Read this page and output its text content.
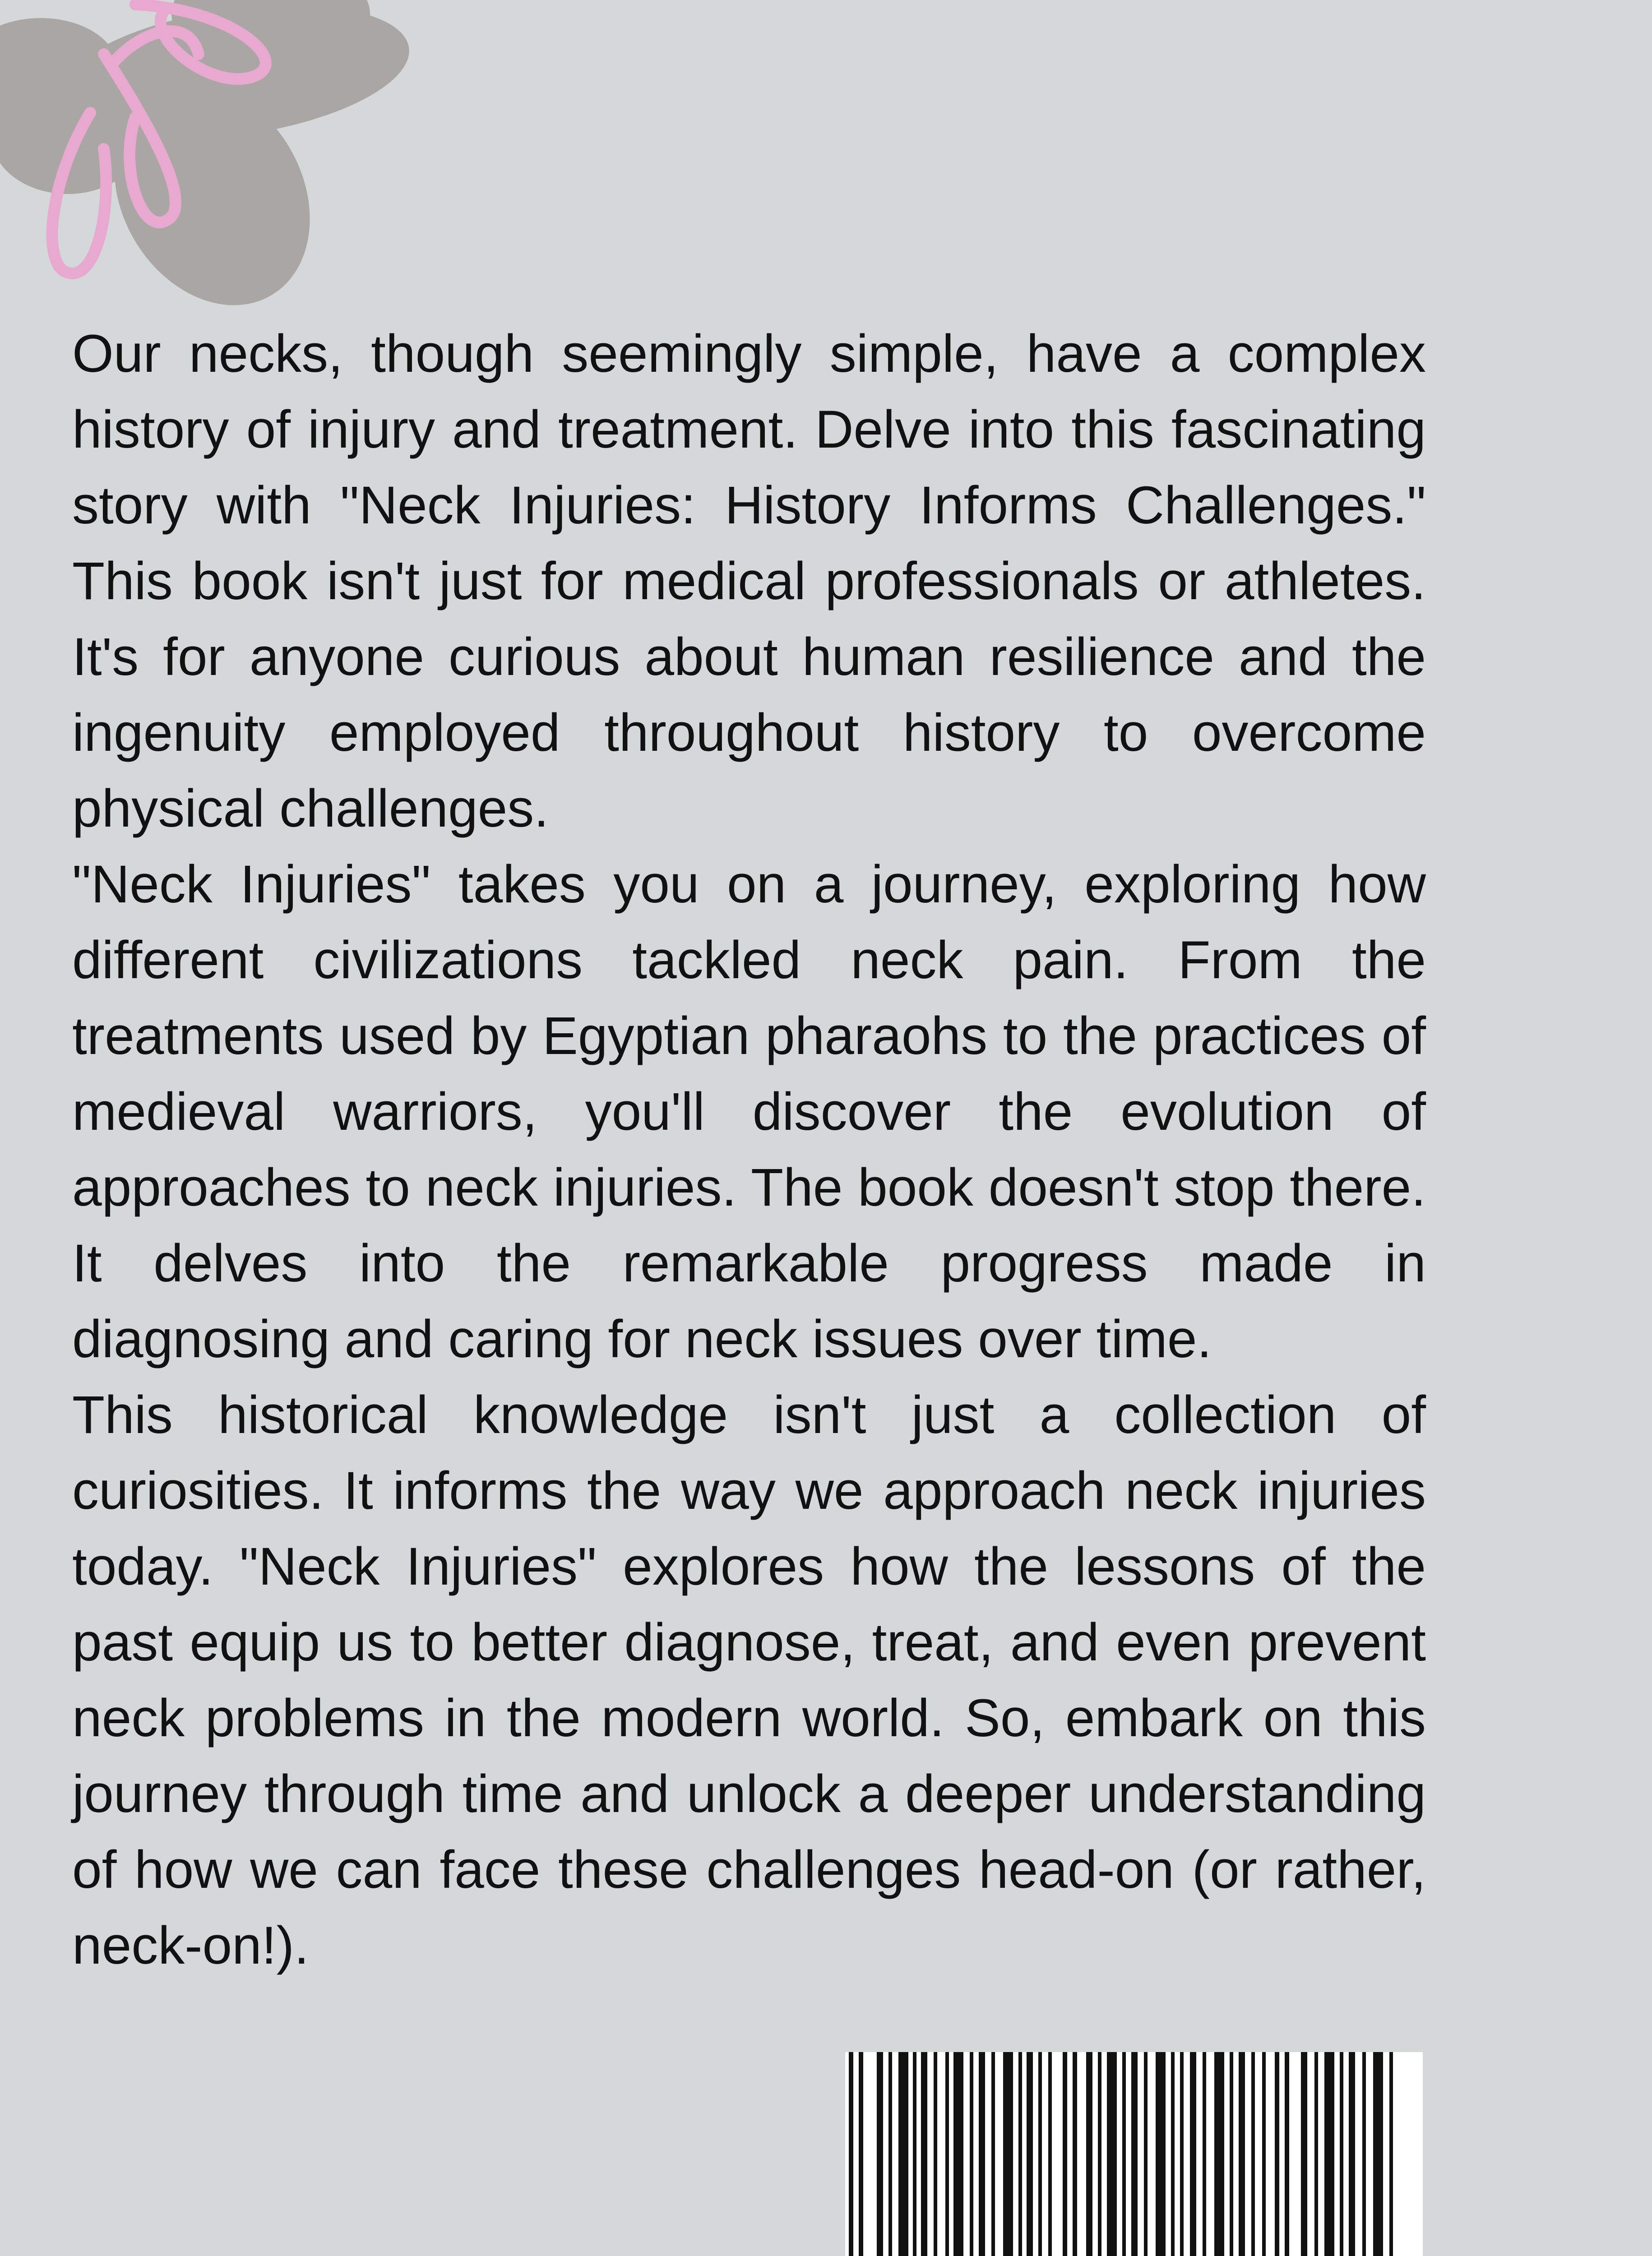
Our necks, though seemingly simple, have a complex history of injury and treatment. Delve into this fascinating story with "Neck Injuries: History Informs Challenges." This book isn't just for medical professionals or athletes. It's for anyone curious about human resilience and the ingenuity employed throughout history to overcome physical challenges.

"Neck Injuries" takes you on a journey, exploring how different civilizations tackled neck pain. From the treatments used by Egyptian pharaohs to the practices of medieval warriors, you'll discover the evolution of approaches to neck injuries. The book doesn't stop there. It delves into the remarkable progress made in diagnosing and caring for neck issues over time.

This historical knowledge isn't just a collection of curiosities. It informs the way we approach neck injuries today. "Neck Injuries" explores how the lessons of the past equip us to better diagnose, treat, and even prevent neck problems in the modern world. So, embark on this journey through time and unlock a deeper understanding of how we can face these challenges head-on (or rather, neck-on!).
